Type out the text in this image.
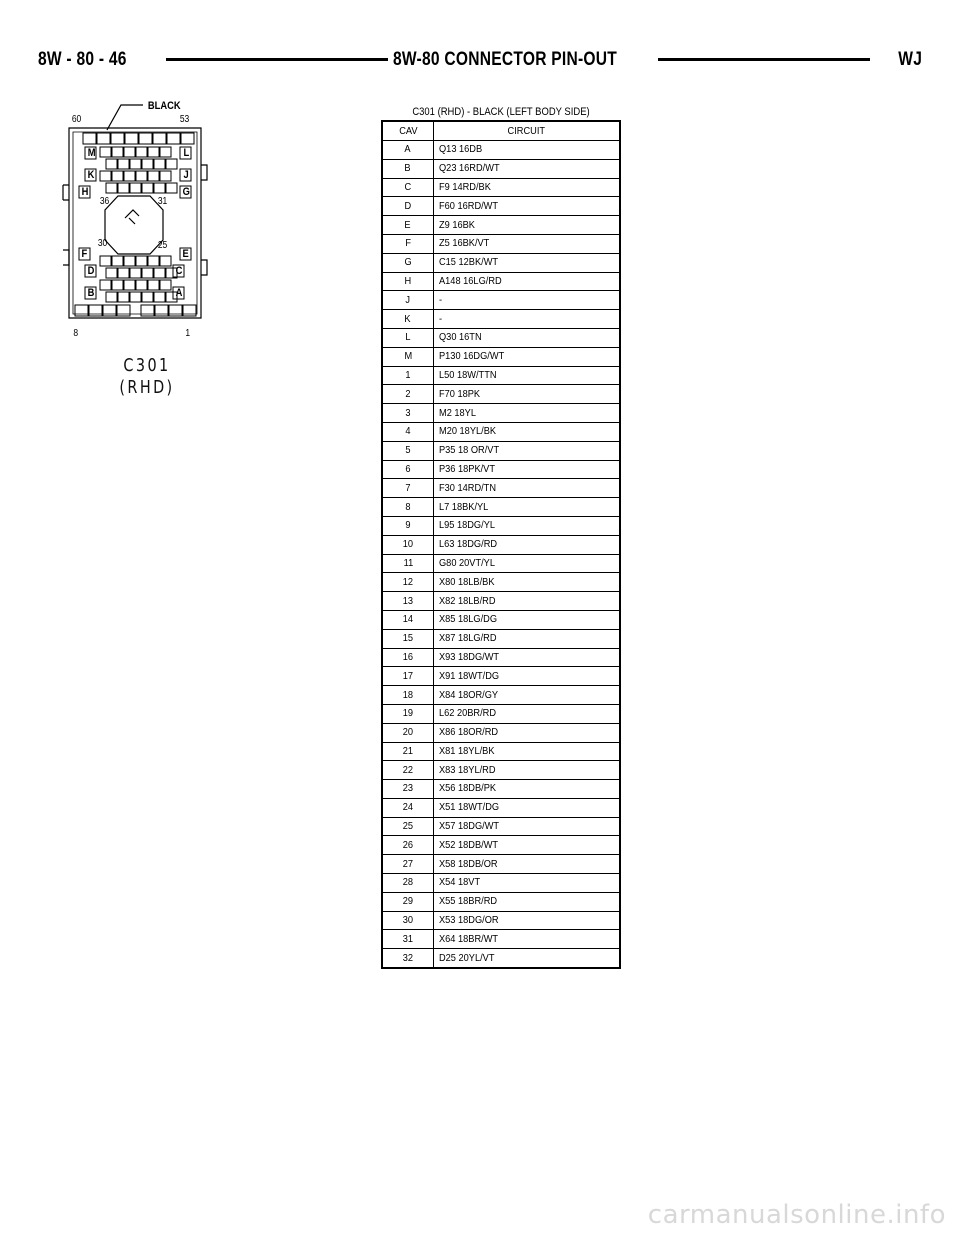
8W - 80 - 46	8W-80 CONNECTOR PIN-OUT	WJ
BLACK
60	53
M	L
K	J
H	G
36	31
30	25
F	E
D	C
B	A
8	1
C301
(RHD)
C301 (RHD) - BLACK (LEFT BODY SIDE)
CAV	CIRCUIT
A	Q13 16DB
B	Q23 16RD/WT
C	F9 14RD/BK
D	F60 16RD/WT
E	Z9 16BK
F	Z5 16BK/VT
G	C15 12BK/WT
H	A148 16LG/RD
J	-
K	-
L	Q30 16TN
M	P130 16DG/WT
1	L50 18W/TTN
2	F70 18PK
3	M2 18YL
4	M20 18YL/BK
5	P35 18 OR/VT
6	P36 18PK/VT
7	F30 14RD/TN
8	L7 18BK/YL
9	L95 18DG/YL
10	L63 18DG/RD
11	G80 20VT/YL
12	X80 18LB/BK
13	X82 18LB/RD
14	X85 18LG/DG
15	X87 18LG/RD
16	X93 18DG/WT
17	X91 18WT/DG
18	X84 18OR/GY
19	L62 20BR/RD
20	X86 18OR/RD
21	X81 18YL/BK
22	X83 18YL/RD
23	X56 18DB/PK
24	X51 18WT/DG
25	X57 18DG/WT
26	X52 18DB/WT
27	X58 18DB/OR
28	X54 18VT
29	X55 18BR/RD
30	X53 18DG/OR
31	X64 18BR/WT
32	D25 20YL/VT
carmanualsonline.info
